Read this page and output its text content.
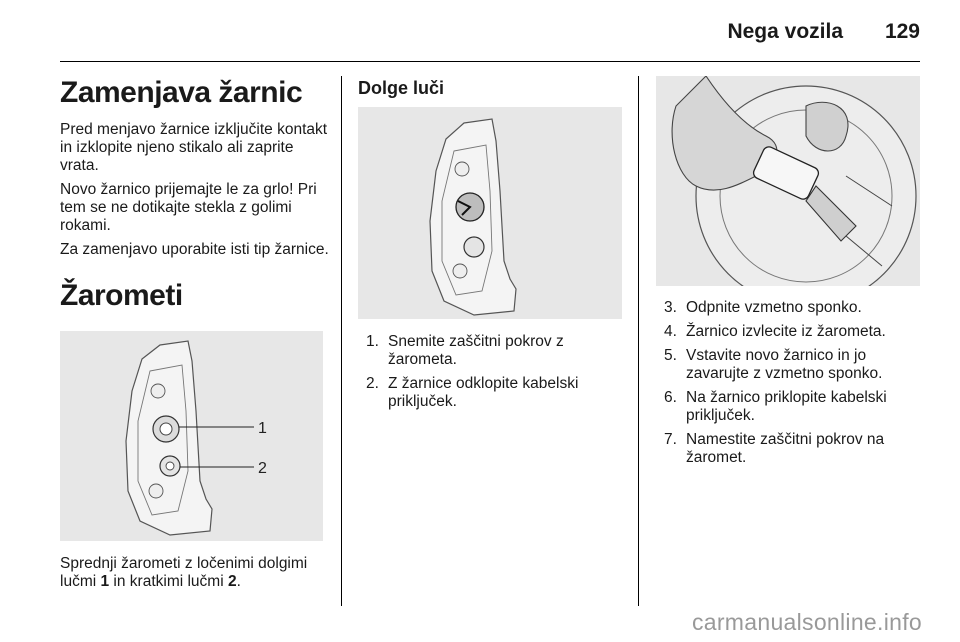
Nega vozila 129
Zamenjava žarnic

Pred menjavo žarnice izključite kontakt in izklopite njeno stikalo ali zaprite vrata.

Novo žarnico prijemajte le za grlo! Pri tem se ne dotikajte stekla z golimi rokami.

Za zamenjavo uporabite isti tip žarnice.

Žarometi
1
2

Sprednji žarometi z ločenimi dolgimi lučmi 1 in kratkimi lučmi 2.

Dolge luči
1. Snemite zaščitni pokrov z žarometa.
2. Z žarnice odklopite kabelski priključek.
3. Odpnite vzmetno sponko.
4. Žarnico izvlecite iz žarometa.
5. Vstavite novo žarnico in jo zavarujte z vzmetno sponko.
6. Na žarnico priklopite kabelski priključek.
7. Namestite zaščitni pokrov na žaromet.
carmanualsonline.info
